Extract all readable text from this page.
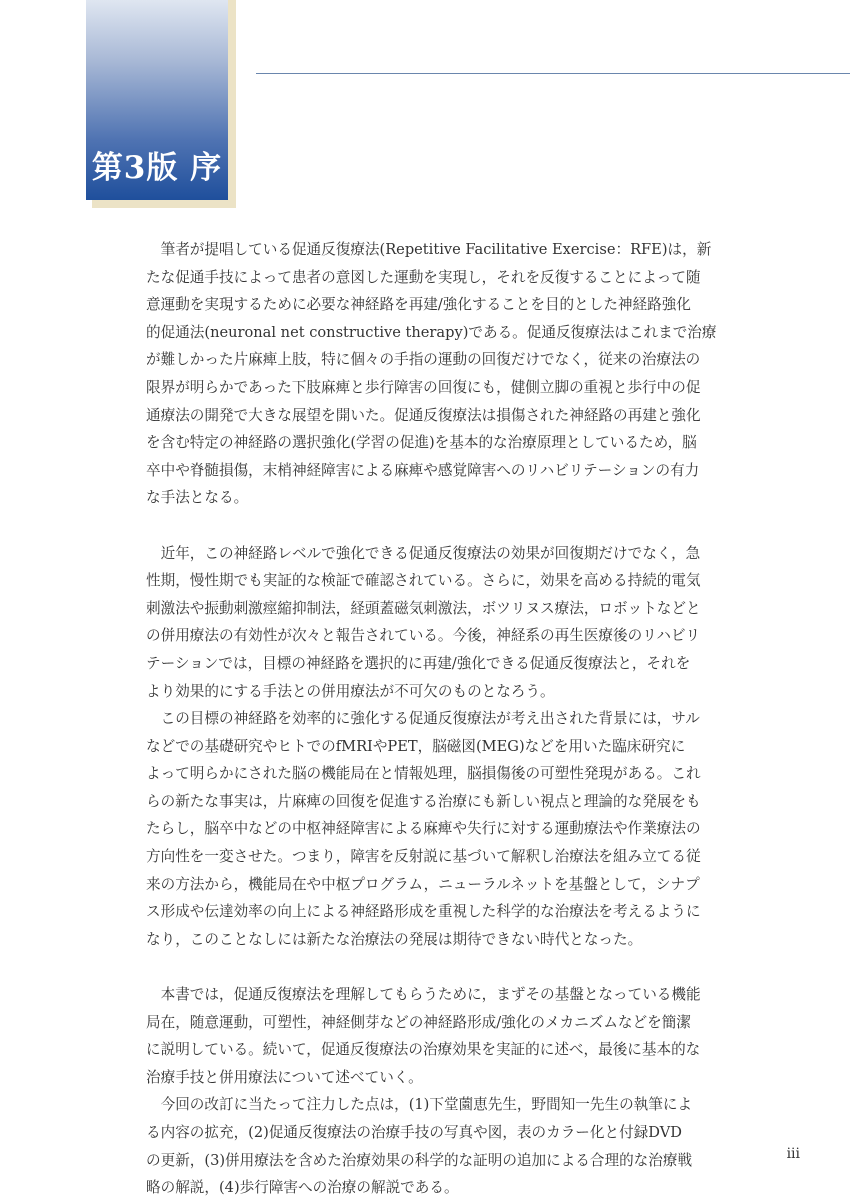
第3版 序
筆者が提唱している促通反復療法(Repetitive Facilitative Exercise：RFE)は，新
たな促通手技によって患者の意図した運動を実現し，それを反復することによって随
意運動を実現するために必要な神経路を再建/強化することを目的とした神経路強化
的促通法(neuronal net constructive therapy)である。促通反復療法はこれまで治療
が難しかった片麻痺上肢，特に個々の手指の運動の回復だけでなく，従来の治療法の
限界が明らかであった下肢麻痺と歩行障害の回復にも，健側立脚の重視と歩行中の促
通療法の開発で大きな展望を開いた。促通反復療法は損傷された神経路の再建と強化
を含む特定の神経路の選択強化(学習の促進)を基本的な治療原理としているため，脳
卒中や脊髄損傷，末梢神経障害による麻痺や感覚障害へのリハビリテーションの有力
な手法となる。
近年，この神経路レベルで強化できる促通反復療法の効果が回復期だけでなく，急
性期，慢性期でも実証的な検証で確認されている。さらに，効果を高める持続的電気
刺激法や振動刺激痙縮抑制法，経頭蓋磁気刺激法，ボツリヌス療法，ロボットなどと
の併用療法の有効性が次々と報告されている。今後，神経系の再生医療後のリハビリ
テーションでは，目標の神経路を選択的に再建/強化できる促通反復療法と，それを
より効果的にする手法との併用療法が不可欠のものとなろう。
この目標の神経路を効率的に強化する促通反復療法が考え出された背景には，サル
などでの基礎研究やヒトでのfMRIやPET，脳磁図(MEG)などを用いた臨床研究に
よって明らかにされた脳の機能局在と情報処理，脳損傷後の可塑性発現がある。これ
らの新たな事実は，片麻痺の回復を促進する治療にも新しい視点と理論的な発展をも
たらし，脳卒中などの中枢神経障害による麻痺や失行に対する運動療法や作業療法の
方向性を一変させた。つまり，障害を反射説に基づいて解釈し治療法を組み立てる従
来の方法から，機能局在や中枢プログラム，ニューラルネットを基盤として，シナプ
ス形成や伝達効率の向上による神経路形成を重視した科学的な治療法を考えるように
なり，このことなしには新たな治療法の発展は期待できない時代となった。
本書では，促通反復療法を理解してもらうために，まずその基盤となっている機能
局在，随意運動，可塑性，神経側芽などの神経路形成/強化のメカニズムなどを簡潔
に説明している。続いて，促通反復療法の治療効果を実証的に述べ，最後に基本的な
治療手技と併用療法について述べていく。
今回の改訂に当たって注力した点は，(1)下堂薗恵先生，野間知一先生の執筆によ
る内容の拡充，(2)促通反復療法の治療手技の写真や図，表のカラー化と付録DVD
の更新，(3)併用療法を含めた治療効果の科学的な証明の追加による合理的な治療戦
略の解説，(4)歩行障害への治療の解説である。
iii
